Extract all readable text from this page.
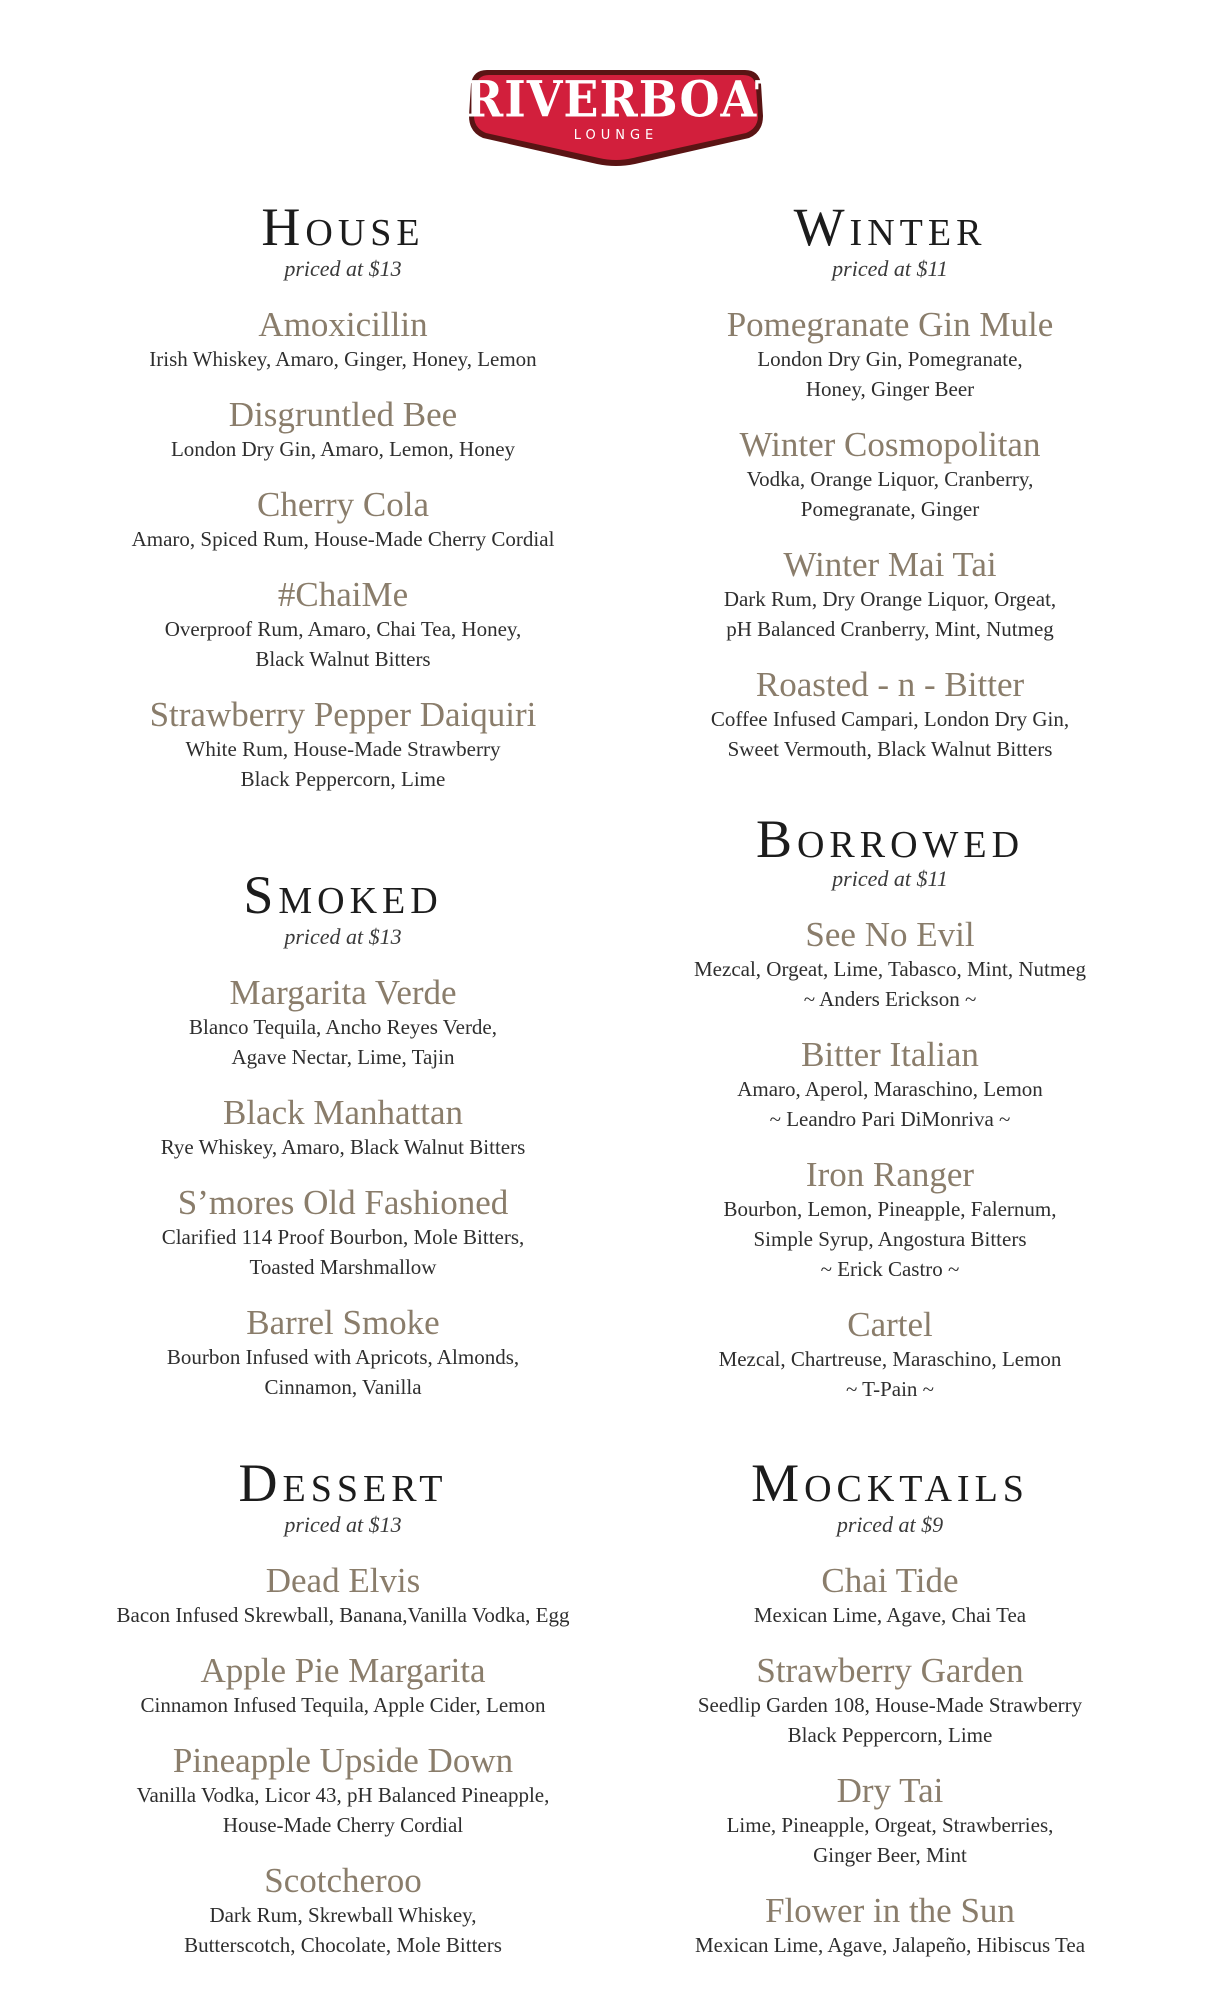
RIVERBOAT
LOUNGE
House
priced at $13
Amoxicillin
Irish Whiskey, Amaro, Ginger, Honey, Lemon
Disgruntled Bee
London Dry Gin, Amaro, Lemon, Honey
Cherry Cola
Amaro, Spiced Rum, House-Made Cherry Cordial
#ChaiMe
Overproof Rum, Amaro, Chai Tea, Honey,
Black Walnut Bitters
Strawberry Pepper Daiquiri
White Rum, House-Made Strawberry
Black Peppercorn, Lime
Smoked
priced at $13
Margarita Verde
Blanco Tequila, Ancho Reyes Verde,
Agave Nectar, Lime, Tajin
Black Manhattan
Rye Whiskey, Amaro, Black Walnut Bitters
S’mores Old Fashioned
Clarified 114 Proof Bourbon, Mole Bitters,
Toasted Marshmallow
Barrel Smoke
Bourbon Infused with Apricots, Almonds,
Cinnamon, Vanilla
Dessert
priced at $13
Dead Elvis
Bacon Infused Skrewball, Banana,Vanilla Vodka, Egg
Apple Pie Margarita
Cinnamon Infused Tequila, Apple Cider, Lemon
Pineapple Upside Down
Vanilla Vodka, Licor 43, pH Balanced Pineapple,
House-Made Cherry Cordial
Scotcheroo
Dark Rum, Skrewball Whiskey,
Butterscotch, Chocolate, Mole Bitters
Winter
priced at $11
Pomegranate Gin Mule
London Dry Gin, Pomegranate,
Honey, Ginger Beer
Winter Cosmopolitan
Vodka, Orange Liquor, Cranberry,
Pomegranate, Ginger
Winter Mai Tai
Dark Rum, Dry Orange Liquor, Orgeat,
pH Balanced Cranberry, Mint, Nutmeg
Roasted - n - Bitter
Coffee Infused Campari, London Dry Gin,
Sweet Vermouth, Black Walnut Bitters
Borrowed
priced at $11
See No Evil
Mezcal, Orgeat, Lime, Tabasco, Mint, Nutmeg
~ Anders Erickson ~
Bitter Italian
Amaro, Aperol, Maraschino, Lemon
~ Leandro Pari DiMonriva ~
Iron Ranger
Bourbon, Lemon, Pineapple, Falernum,
Simple Syrup, Angostura Bitters
~ Erick Castro ~
Cartel
Mezcal, Chartreuse, Maraschino, Lemon
~ T-Pain ~
Mocktails
priced at $9
Chai Tide
Mexican Lime, Agave, Chai Tea
Strawberry Garden
Seedlip Garden 108, House-Made Strawberry
Black Peppercorn, Lime
Dry Tai
Lime, Pineapple, Orgeat, Strawberries,
Ginger Beer, Mint
Flower in the Sun
Mexican Lime, Agave, Jalapeño, Hibiscus Tea
